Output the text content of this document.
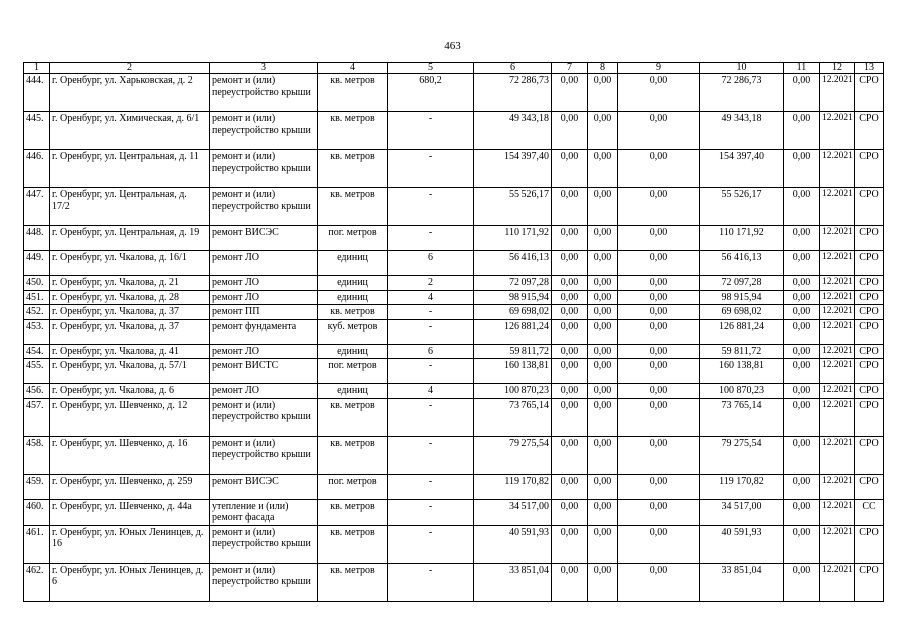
463
1	2	3	4	5	6	7	8	9	10	11	12	13
444.	г. Оренбург, ул. Харьковская, д. 2	ремонт и (или) переустройство крыши	кв. метров	680,2	72 286,73	0,00	0,00	0,00	72 286,73	0,00	12.2021	СРО
445.	г. Оренбург, ул. Химическая, д. 6/1	ремонт и (или) переустройство крыши	кв. метров	-	49 343,18	0,00	0,00	0,00	49 343,18	0,00	12.2021	СРО
446.	г. Оренбург, ул. Центральная, д. 11	ремонт и (или) переустройство крыши	кв. метров	-	154 397,40	0,00	0,00	0,00	154 397,40	0,00	12.2021	СРО
447.	г. Оренбург, ул. Центральная, д. 17/2	ремонт и (или) переустройство крыши	кв. метров	-	55 526,17	0,00	0,00	0,00	55 526,17	0,00	12.2021	СРО
448.	г. Оренбург, ул. Центральная, д. 19	ремонт ВИСЭС	пог. метров	-	110 171,92	0,00	0,00	0,00	110 171,92	0,00	12.2021	СРО
449.	г. Оренбург, ул. Чкалова, д. 16/1	ремонт ЛО	единиц	6	56 416,13	0,00	0,00	0,00	56 416,13	0,00	12.2021	СРО
450.	г. Оренбург, ул. Чкалова, д. 21	ремонт ЛО	единиц	2	72 097,28	0,00	0,00	0,00	72 097,28	0,00	12.2021	СРО
451.	г. Оренбург, ул. Чкалова, д. 28	ремонт ЛО	единиц	4	98 915,94	0,00	0,00	0,00	98 915,94	0,00	12.2021	СРО
452.	г. Оренбург, ул. Чкалова, д. 37	ремонт ПП	кв. метров	-	69 698,02	0,00	0,00	0,00	69 698,02	0,00	12.2021	СРО
453.	г. Оренбург, ул. Чкалова, д. 37	ремонт фундамента	куб. метров	-	126 881,24	0,00	0,00	0,00	126 881,24	0,00	12.2021	СРО
454.	г. Оренбург, ул. Чкалова, д. 41	ремонт ЛО	единиц	6	59 811,72	0,00	0,00	0,00	59 811,72	0,00	12.2021	СРО
455.	г. Оренбург, ул. Чкалова, д. 57/1	ремонт ВИСТС	пог. метров	-	160 138,81	0,00	0,00	0,00	160 138,81	0,00	12.2021	СРО
456.	г. Оренбург, ул. Чкалова, д. 6	ремонт ЛО	единиц	4	100 870,23	0,00	0,00	0,00	100 870,23	0,00	12.2021	СРО
457.	г. Оренбург, ул. Шевченко, д. 12	ремонт и (или) переустройство крыши	кв. метров	-	73 765,14	0,00	0,00	0,00	73 765,14	0,00	12.2021	СРО
458.	г. Оренбург, ул. Шевченко, д. 16	ремонт и (или) переустройство крыши	кв. метров	-	79 275,54	0,00	0,00	0,00	79 275,54	0,00	12.2021	СРО
459.	г. Оренбург, ул. Шевченко, д. 259	ремонт ВИСЭС	пог. метров	-	119 170,82	0,00	0,00	0,00	119 170,82	0,00	12.2021	СРО
460.	г. Оренбург, ул. Шевченко, д. 44а	утепление и (или) ремонт фасада	кв. метров	-	34 517,00	0,00	0,00	0,00	34 517,00	0,00	12.2021	СС
461.	г. Оренбург, ул. Юных Ленинцев, д. 16	ремонт и (или) переустройство крыши	кв. метров	-	40 591,93	0,00	0,00	0,00	40 591,93	0,00	12.2021	СРО
462.	г. Оренбург, ул. Юных Ленинцев, д. 6	ремонт и (или) переустройство крыши	кв. метров	-	33 851,04	0,00	0,00	0,00	33 851,04	0,00	12.2021	СРО
